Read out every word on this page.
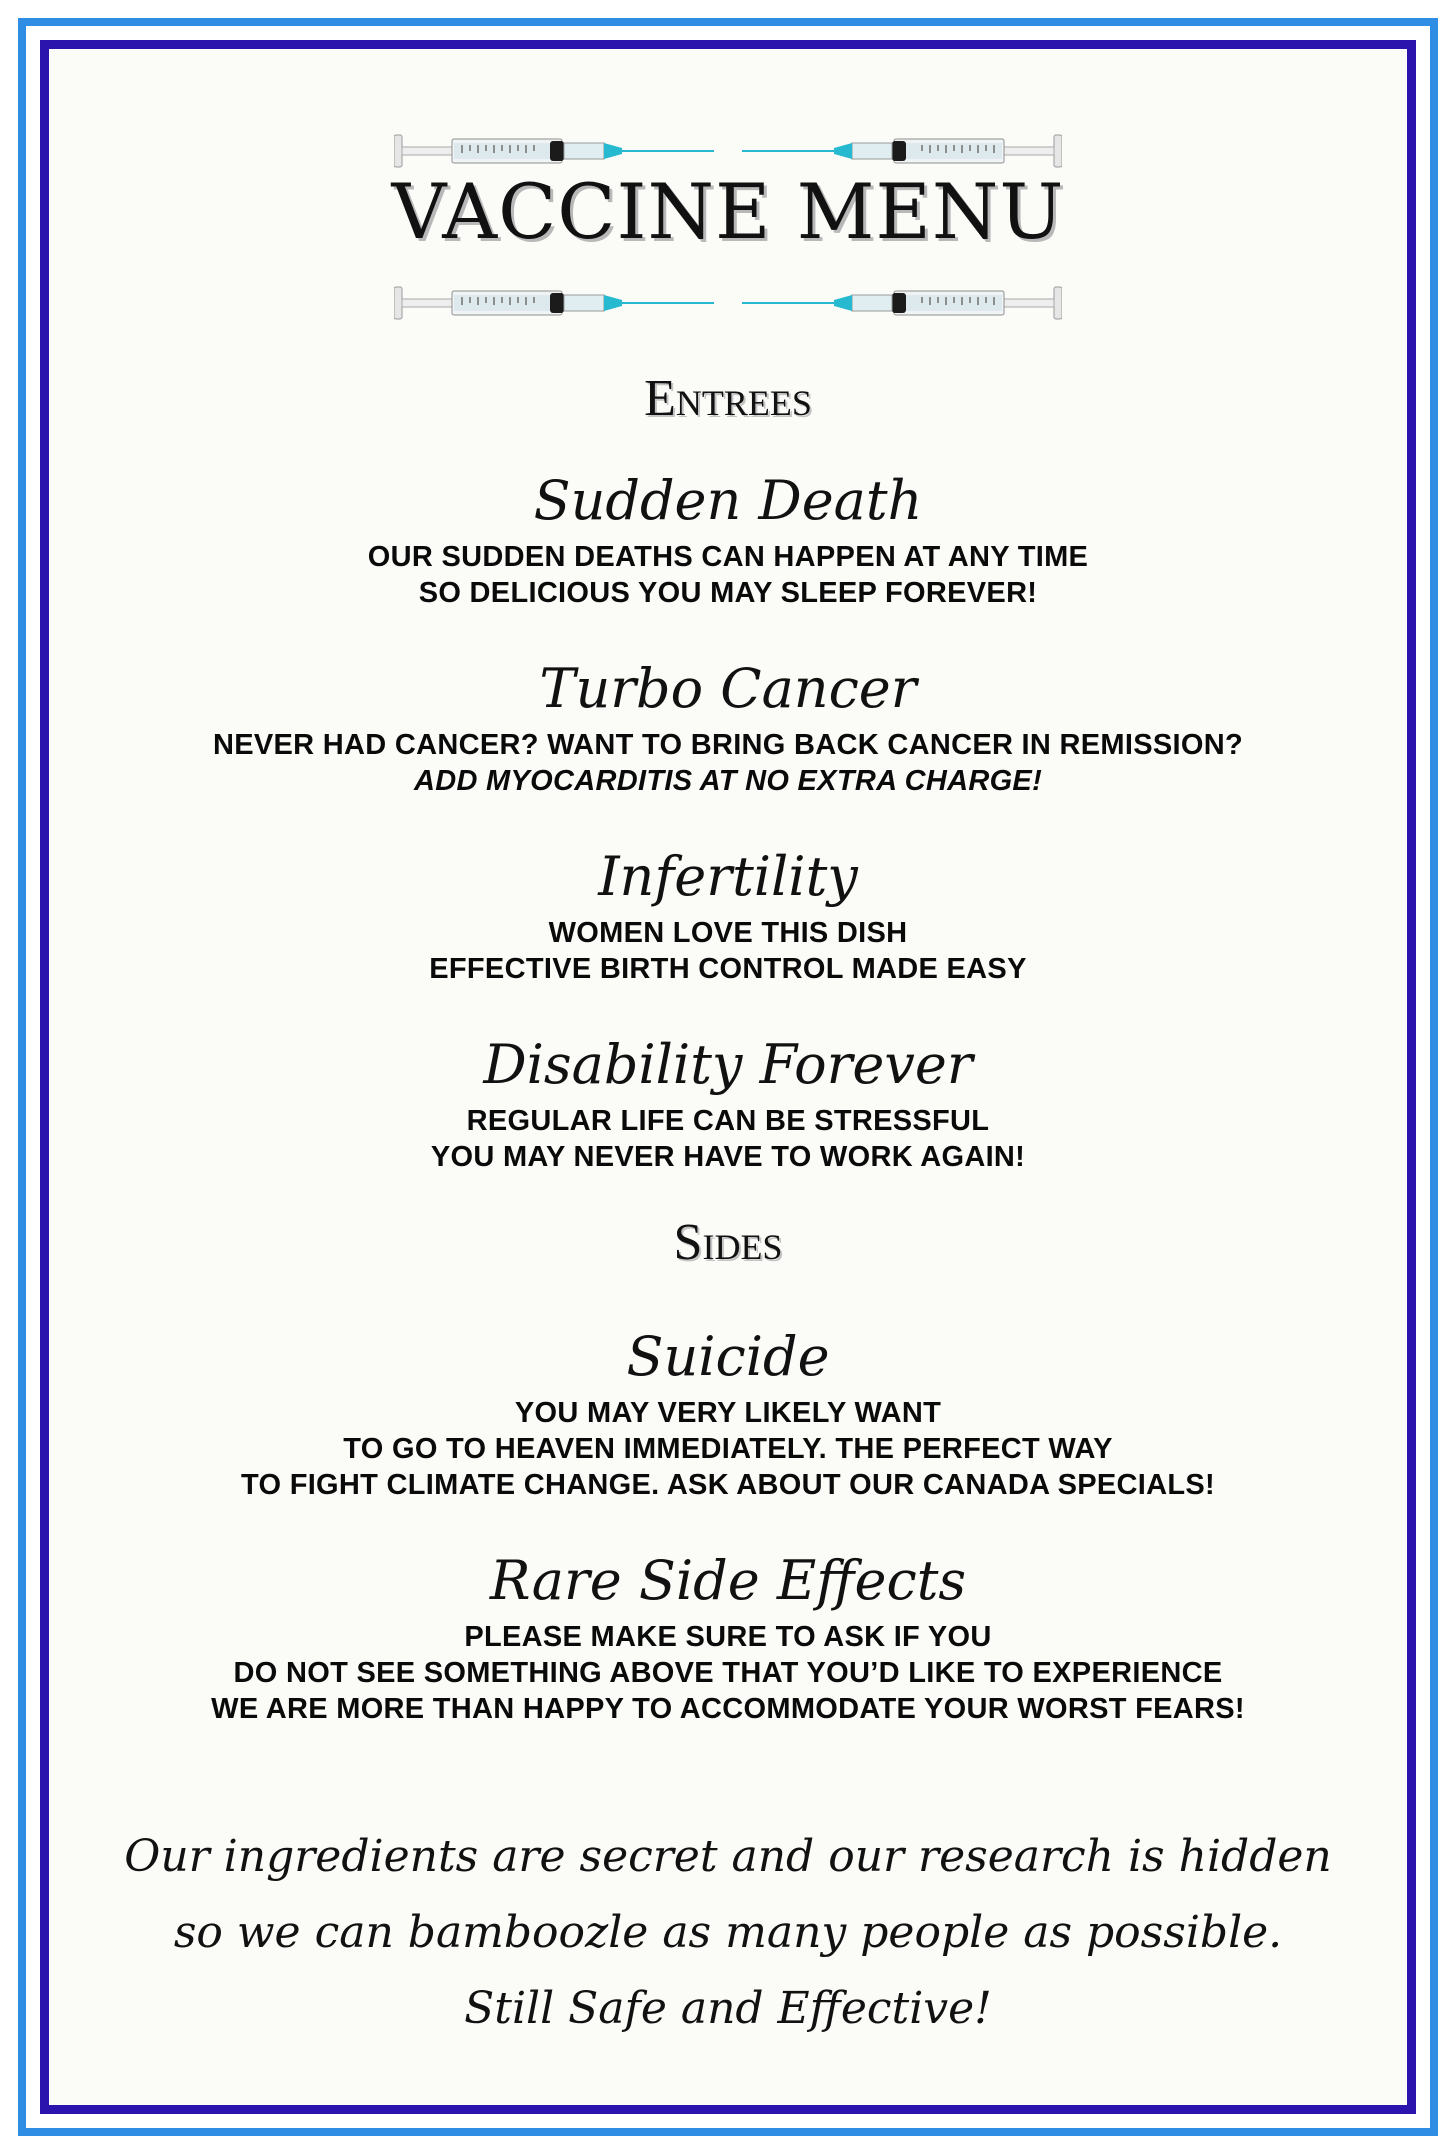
VACCINE MENU
Entrees
Sudden Death
OUR SUDDEN DEATHS CAN HAPPEN AT ANY TIME
SO DELICIOUS YOU MAY SLEEP FOREVER!
Turbo Cancer
NEVER HAD CANCER? WANT TO BRING BACK CANCER IN REMISSION?
ADD MYOCARDITIS AT NO EXTRA CHARGE!
Infertility
WOMEN LOVE THIS DISH
EFFECTIVE BIRTH CONTROL MADE EASY
Disability Forever
REGULAR LIFE CAN BE STRESSFUL
YOU MAY NEVER HAVE TO WORK AGAIN!
Sides
Suicide
YOU MAY VERY LIKELY WANT
TO GO TO HEAVEN IMMEDIATELY. THE PERFECT WAY
TO FIGHT CLIMATE CHANGE. ASK ABOUT OUR CANADA SPECIALS!
Rare Side Effects
PLEASE MAKE SURE TO ASK IF YOU
DO NOT SEE SOMETHING ABOVE THAT YOU’D LIKE TO EXPERIENCE
WE ARE MORE THAN HAPPY TO ACCOMMODATE YOUR WORST FEARS!
Our ingredients are secret and our research is hidden
so we can bamboozle as many people as possible.
Still Safe and Effective!
